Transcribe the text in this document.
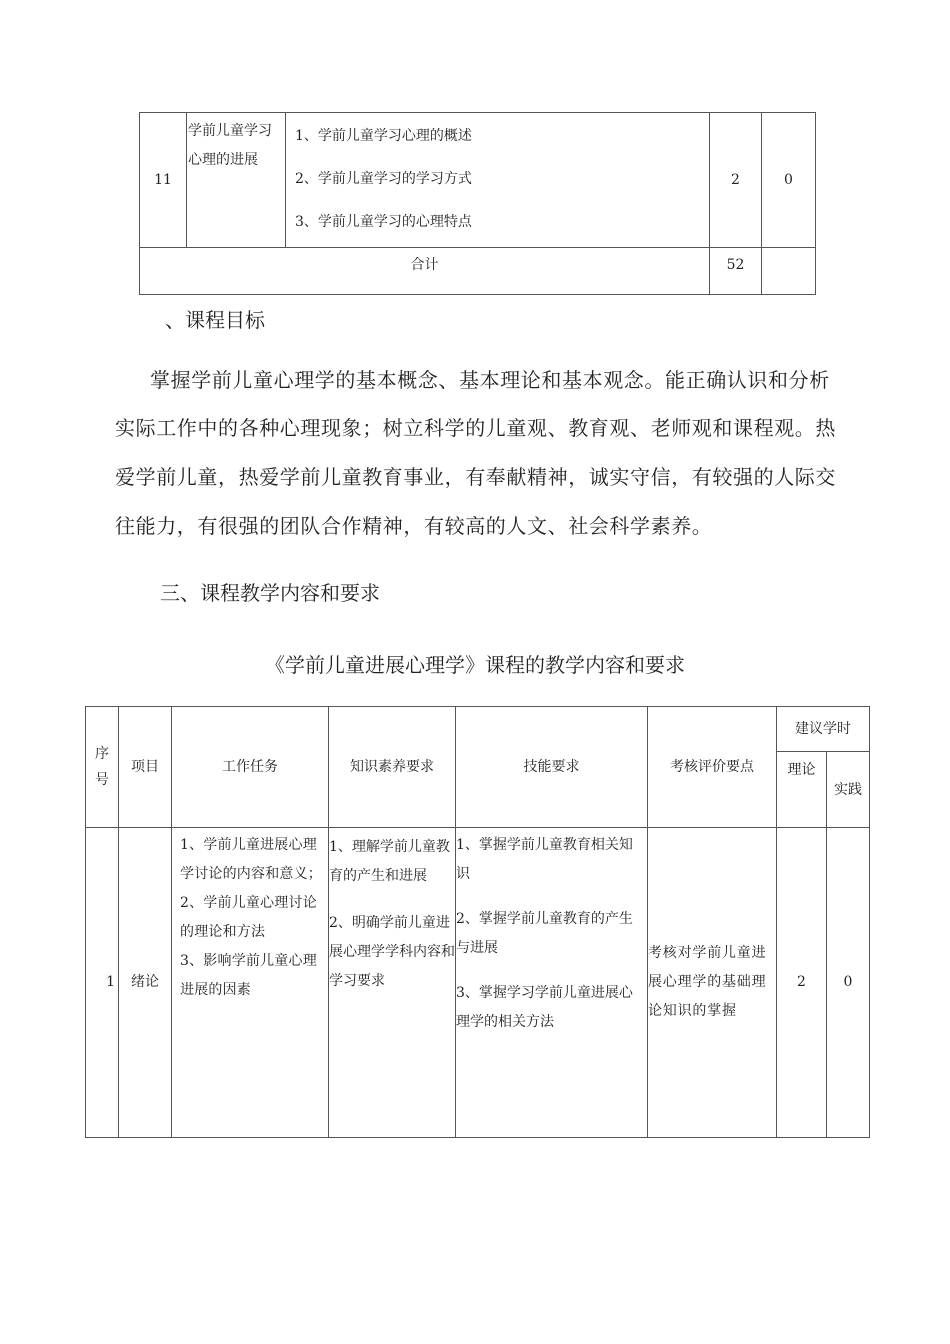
11	学前儿童学习心理的进展	1、学前儿童学习心理的概述
2、学前儿童学习的学习方式
3、学前儿童学习的心理特点	2	0
合计			52	
、课程目标
掌握学前儿童心理学的基本概念、基本理论和基本观念。能正确认识和分析
实际工作中的各种心理现象；树立科学的儿童观、教育观、老师观和课程观。热
爱学前儿童，热爱学前儿童教育事业，有奉献精神，诚实守信，有较强的人际交
往能力，有很强的团队合作精神，有较高的人文、社会科学素养。
三、课程教学内容和要求
《学前儿童进展心理学》课程的教学内容和要求
序号	项目	工作任务	知识素养要求	技能要求	考核评价要点	建议学时	
						理论	实践
1	绪论	1、学前儿童进展心理学讨论的内容和意义；2、学前儿童心理讨论的理论和方法
3、影响学前儿童心理进展的因素	1、理解学前儿童教育的产生和进展
2、明确学前儿童进展心理学学科内容和学习要求	1、掌握学前儿童教育相关知识
2、掌握学前儿童教育的产生与进展
3、掌握学习学前儿童进展心理学的相关方法	考核对学前儿童进展心理学的基础理论知识的掌握	2	0
